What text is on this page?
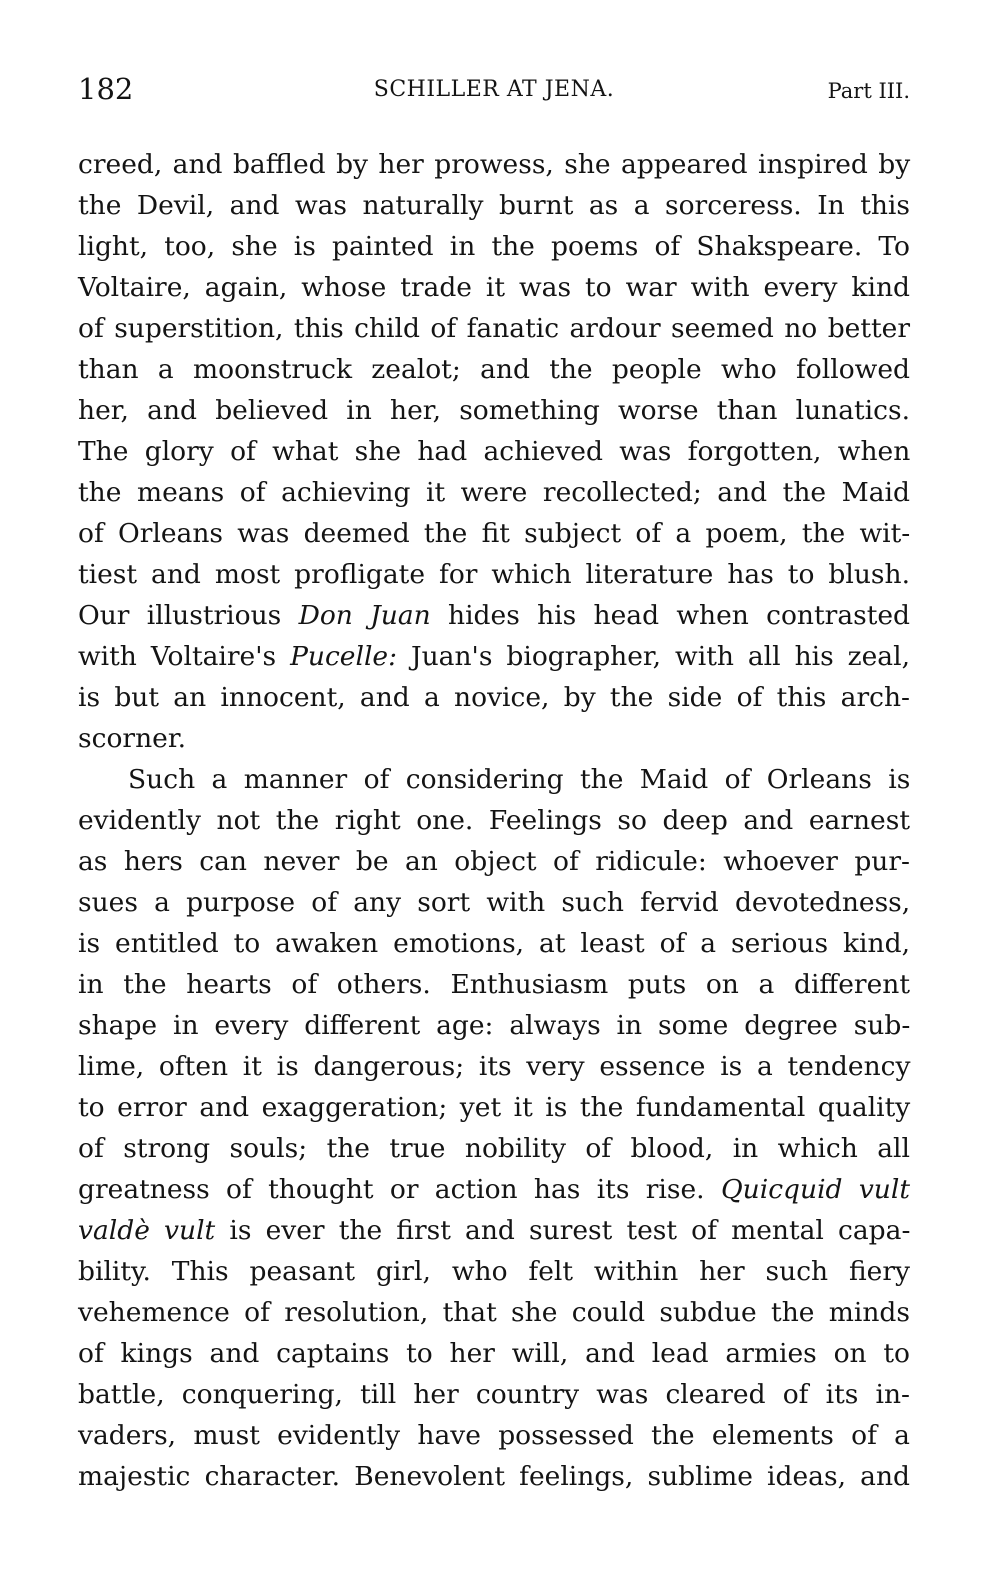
182	SCHILLER AT JENA.	Part III.
creed, and baffled by her prowess, she appeared inspired by
the Devil, and was naturally burnt as a sorceress. In this
light, too, she is painted in the poems of Shakspeare. To
Voltaire, again, whose trade it was to war with every kind
of superstition, this child of fanatic ardour seemed no better
than a moonstruck zealot; and the people who followed
her, and believed in her, something worse than lunatics.
The glory of what she had achieved was forgotten, when
the means of achieving it were recollected; and the Maid
of Orleans was deemed the fit subject of a poem, the wit-
tiest and most profligate for which literature has to blush.
Our illustrious Don Juan hides his head when contrasted
with Voltaire's Pucelle: Juan's biographer, with all his zeal,
is but an innocent, and a novice, by the side of this arch-
scorner.
Such a manner of considering the Maid of Orleans is
evidently not the right one. Feelings so deep and earnest
as hers can never be an object of ridicule: whoever pur-
sues a purpose of any sort with such fervid devotedness,
is entitled to awaken emotions, at least of a serious kind,
in the hearts of others. Enthusiasm puts on a different
shape in every different age: always in some degree sub-
lime, often it is dangerous; its very essence is a tendency
to error and exaggeration; yet it is the fundamental quality
of strong souls; the true nobility of blood, in which all
greatness of thought or action has its rise. Quicquid vult
valdè vult is ever the first and surest test of mental capa-
bility. This peasant girl, who felt within her such fiery
vehemence of resolution, that she could subdue the minds
of kings and captains to her will, and lead armies on to
battle, conquering, till her country was cleared of its in-
vaders, must evidently have possessed the elements of a
majestic character. Benevolent feelings, sublime ideas, and
